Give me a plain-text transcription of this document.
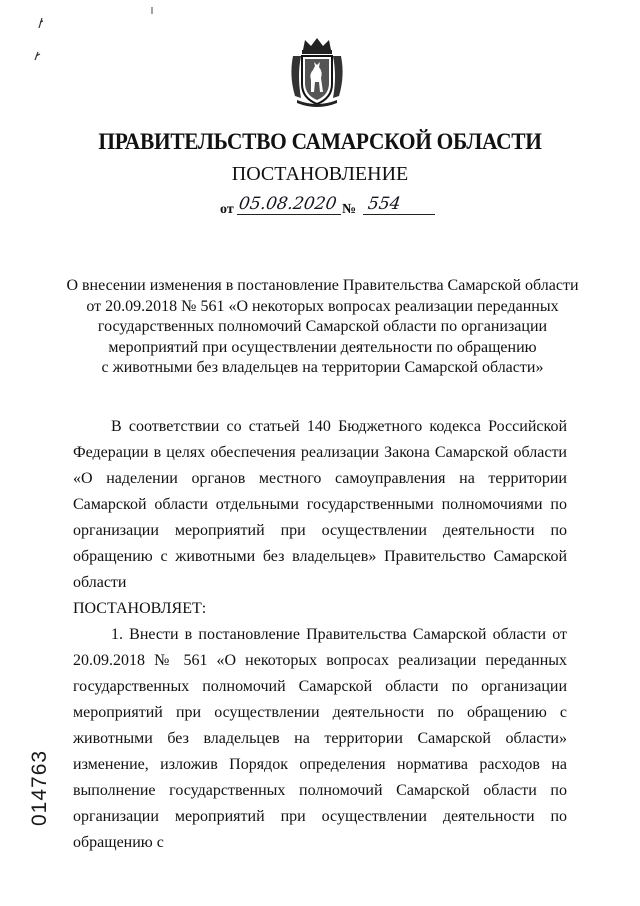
ПРАВИТЕЛЬСТВО САМАРСКОЙ ОБЛАСТИ
ПОСТАНОВЛЕНИЕ
от 05.08.2020 № 554
О внесении изменения в постановление Правительства Самарской области
от 20.09.2018 № 561 «О некоторых вопросах реализации переданных
государственных полномочий Самарской области по организации
мероприятий при осуществлении деятельности по обращению
с животными без владельцев на территории Самарской области»

В соответствии со статьей 140 Бюджетного кодекса Российской Федерации в целях обеспечения реализации Закона Самарской области «О наделении органов местного самоуправления на территории Самарской области отдельными государственными полномочиями по организации мероприятий при осуществлении деятельности по обращению с животными без владельцев» Правительство Самарской области

ПОСТАНОВЛЯЕТ:

1. Внести в постановление Правительства Самарской области от 20.09.2018 № 561 «О некоторых вопросах реализации переданных государственных полномочий Самарской области по организации мероприятий при осуществлении деятельности по обращению с животными без владельцев на территории Самарской области» изменение, изложив Порядок определения норматива расходов на выполнение государственных полномочий Самарской области по организации мероприятий при осуществлении деятельности по обращению с

014763
